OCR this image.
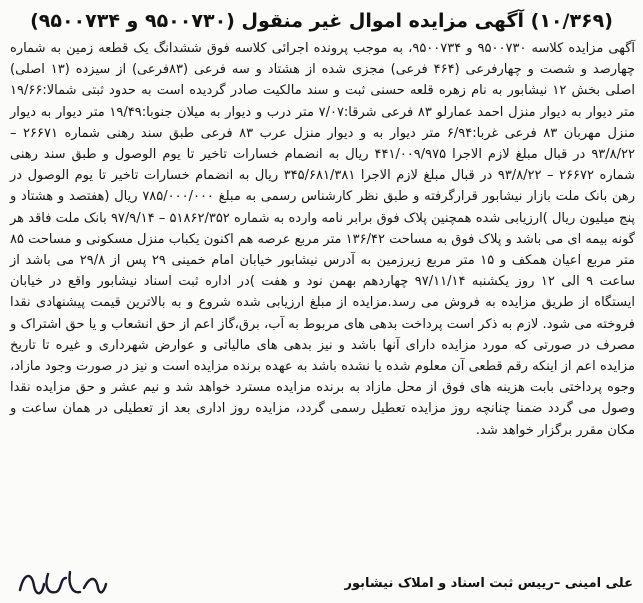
(۱۰/۳۶۹) آگهی مزایده اموال غیر منقول (۹۵۰۰۷۳۰ و ۹۵۰۰۷۳۴)
آگهی مزایده کلاسه ۹۵۰۰۷۳۰ و ۹۵۰۰۷۳۴، به موجب پرونده اجرائی کلاسه فوق ششدانگ یک قطعه زمین به شماره چهارصد و شصت و چهارفرعی (۴۶۴ فرعی) مجزی شده از هشتاد و سه فرعی (۸۳فرعی) از سیزده (۱۳ اصلی) اصلی بخش ۱۲ نیشابور به نام زهره قلعه حسنی ثبت و سند مالکیت صادر گردیده است به حدود ثبتی شمالا:۱۹/۶۶ متر دیوار به دیوار منزل احمد عمارلو ۸۳ فرعی شرقا:۷/۰۷ متر درب و دیوار به میلان جنوبا:۱۹/۴۹ متر دیوار به دیوار منزل مهربان ۸۳ فرعی غربا:۶/۹۴ متر دیوار به و دیوار منزل عرب ۸۳ فرعی طبق سند رهنی شماره ۲۶۶۷۱ – ۹۳/۸/۲۲ در قبال مبلغ لازم الاجرا ۴۴۱/۰۰۹/۹۷۵ ریال به انضمام خسارات تاخیر تا یوم الوصول و طبق سند رهنی شماره ۲۶۶۷۲ – ۹۳/۸/۲۲ در قبال مبلغ لازم الاجرا ۳۴۵/۶۸۱/۳۸۱ ریال به انضمام خسارات تاخیر تا یوم الوصول در رهن بانک ملت بازار نیشابور قرارگرفته و طبق نظر کارشناس رسمی به مبلغ ۷۸۵/۰۰۰/۰۰۰ ریال (هفتصد و هشتاد و پنج میلیون ریال )ارزیابی شده همچنین پلاک فوق برابر نامه وارده به شماره ۵۱۸۶۲/۳۵۲ – ۹۷/۹/۱۴ بانک ملت فاقد هر گونه بیمه ای می باشد و پلاک فوق به مساحت ۱۳۶/۴۲ متر مربع عرصه هم اکنون یکباب منزل مسکونی و مساحت ۸۵ متر مربع اعیان همکف و ۱۵ متر مربع زیرزمین به آدرس نیشابور خیابان امام خمینی ۲۹ پس از ۲۹/۸ می باشد از ساعت ۹ الی ۱۲ روز یکشنبه ۹۷/۱۱/۱۴ چهاردهم بهمن نود و هفت )در اداره ثبت اسناد نیشابور واقع در خیابان ایستگاه از طریق مزایده به فروش می رسد.مزایده از مبلغ ارزیابی شده شروع و به بالاترین قیمت پیشنهادی نقدا فروخته می شود. لازم به ذکر است پرداخت بدهی های مربوط به آب، برق،گاز اعم از حق انشعاب و یا حق اشتراک و مصرف در صورتی که مورد مزایده دارای آنها باشد و نیز بدهی های مالیاتی و عوارض شهرداری و غیره تا تاریخ مزایده اعم از اینکه رقم قطعی آن معلوم شده یا نشده باشد به عهده برنده مزایده است و نیز در صورت وجود مازاد، وجوه پرداختی بابت هزینه های فوق از محل مازاد به برنده مزایده مسترد خواهد شد و نیم عشر و حق مزایده نقدا وصول می گردد ضمنا چنانچه روز مزایده تعطیل رسمی گردد، مزایده روز اداری بعد از تعطیلی در همان ساعت و مکان مقرر برگزار خواهد شد.
علی امینی –رییس ثبت اسناد و املاک نیشابور
